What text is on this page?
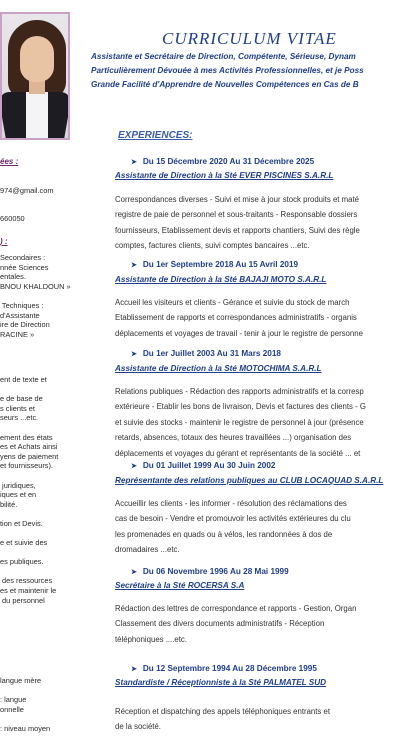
ées :
974@gmail.com
660050
) :
Secondaires :
nnée Sciences
entales.
BNOU KHALDOUN »

Techniques :
d'Assistante
ire de Direction
RACINE »
ent de texte et

e de base de
s clients et
seurs ...etc.

ement des états
es et Achats ainsi
yens de paiement
et fournisseurs).

juridiques,
iques et en
bilité.

tion et Devis.

e et suivie des

es publiques.

des ressources
es et maintenir le
du personnel
langue mère

: langue
onnelle

: niveau moyen
CURRICULUM VITAE
Assistante et Secrétaire de Direction, Compétente, Sérieuse, Dynam
Particulièrement Dévouée à mes Activités Professionnelles, et je Poss
Grande Facilité d'Apprendre de Nouvelles Compétences en Cas de B
EXPERIENCES:
➤ Du 15 Décembre 2020 Au 31 Décembre 2025
Assistante de Direction à la Sté EVER PISCINES S.A.R.L
Correspondances diverses - Suivi et mise à jour stock produits et maté
registre de paie de personnel et sous-traitants - Responsable dossiers
fournisseurs, Etablissement devis et rapports chantiers, Suivi des règle
comptes, factures clients, suivi comptes bancaires ...etc.
➤ Du 1er Septembre 2018 Au 15 Avril 2019
Assistante de Direction à la Sté BAJAJI MOTO S.A.R.L
Accueil les visiteurs et clients - Gérance et suivie du stock de march
Etablissement de rapports et correspondances administratifs - organis
déplacements et voyages de travail - tenir à jour le registre de personne
➤ Du 1er Juillet 2003 Au 31 Mars 2018
Assistante de Direction à la Sté MOTOCHIMA S.A.R.L
Relations publiques - Rédaction des rapports administratifs et la corresp
extérieure - Etablir les bons de livraison, Devis et factures des clients - G
et suivie des stocks - maintenir le registre de personnel à jour (présence
retards, absences, totaux des heures travaillées ...) organisation des
déplacements et voyages du gérant et représentants de la société ... et
➤ Du 01 Juillet 1999 Au 30 Juin 2002
Représentante des relations publiques au CLUB LOCAQUAD S.A.R.L
Accueillir les clients - les informer - résolution des réclamations des
cas de besoin - Vendre et promouvoir les activités extérieures du clu
les promenades en quads ou à vélos, les randonnées à dos de
dromadaires ...etc.
➤ Du 06 Novembre 1996 Au 28 Mai 1999
Secrétaire à la Sté ROCERSA S.A
Rédaction des lettres de correspondance et rapports - Gestion, Organ
Classement des divers documents administratifs - Réception
téléphoniques ....etc.
➤ Du 12 Septembre 1994 Au 28 Décembre 1995
Standardiste / Réceptionniste à la Sté PALMATEL SUD
Réception et dispatching des appels téléphoniques entrants et
de la société.
